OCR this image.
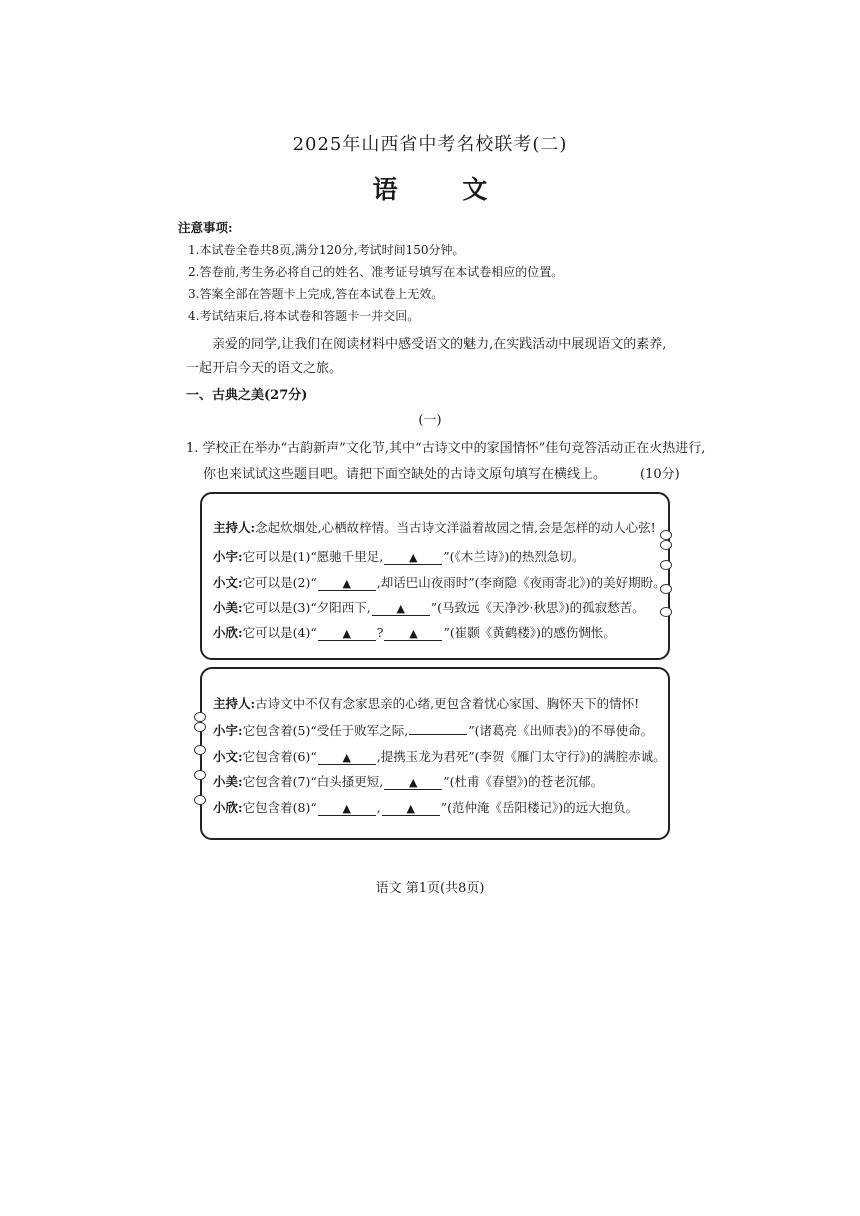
2025年山西省中考名校联考(二)
语 文
注意事项:
1.本试卷全卷共8页,满分120分,考试时间150分钟。
2.答卷前,考生务必将自己的姓名、准考证号填写在本试卷相应的位置。
3.答案全部在答题卡上完成,答在本试卷上无效。
4.考试结束后,将本试卷和答题卡一并交回。
亲爱的同学,让我们在阅读材料中感受语文的魅力,在实践活动中展现语文的素养,
一起开启今天的语文之旅。
一、古典之美(27分)
(一)
1. 学校正在举办“古韵新声”文化节,其中“古诗文中的家国情怀”佳句竞答活动正在火热进行,
你也来试试这些题目吧。请把下面空缺处的古诗文原句填写在横线上。	(10分)
主持人:念起炊烟处,心栖故梓情。当古诗文洋溢着故园之情,会是怎样的动人心弦!
小宇:它可以是(1)“愿驰千里足, ▲ ”(《木兰诗》)的热烈急切。
小文:它可以是(2)“ ▲ ,却话巴山夜雨时”(李商隐《夜雨寄北》)的美好期盼。
小美:它可以是(3)“夕阳西下, ▲ ”(马致远《天净沙·秋思》)的孤寂愁苦。
小欣:它可以是(4)“ ▲ ? ▲ ”(崔颢《黄鹤楼》)的感伤惆怅。
主持人:古诗文中不仅有念家思亲的心绪,更包含着忧心家国、胸怀天下的情怀!
小宇:它包含着(5)“受任于败军之际,	”(诸葛亮《出师表》)的不辱使命。
小文:它包含着(6)“ ▲ ,提携玉龙为君死”(李贺《雁门太守行》)的满腔赤诚。
小美:它包含着(7)“白头搔更短, ▲ ”(杜甫《春望》)的苍老沉郁。
小欣:它包含着(8)“ ▲ , ▲ ”(范仲淹《岳阳楼记》)的远大抱负。
语文 第1页(共8页)
